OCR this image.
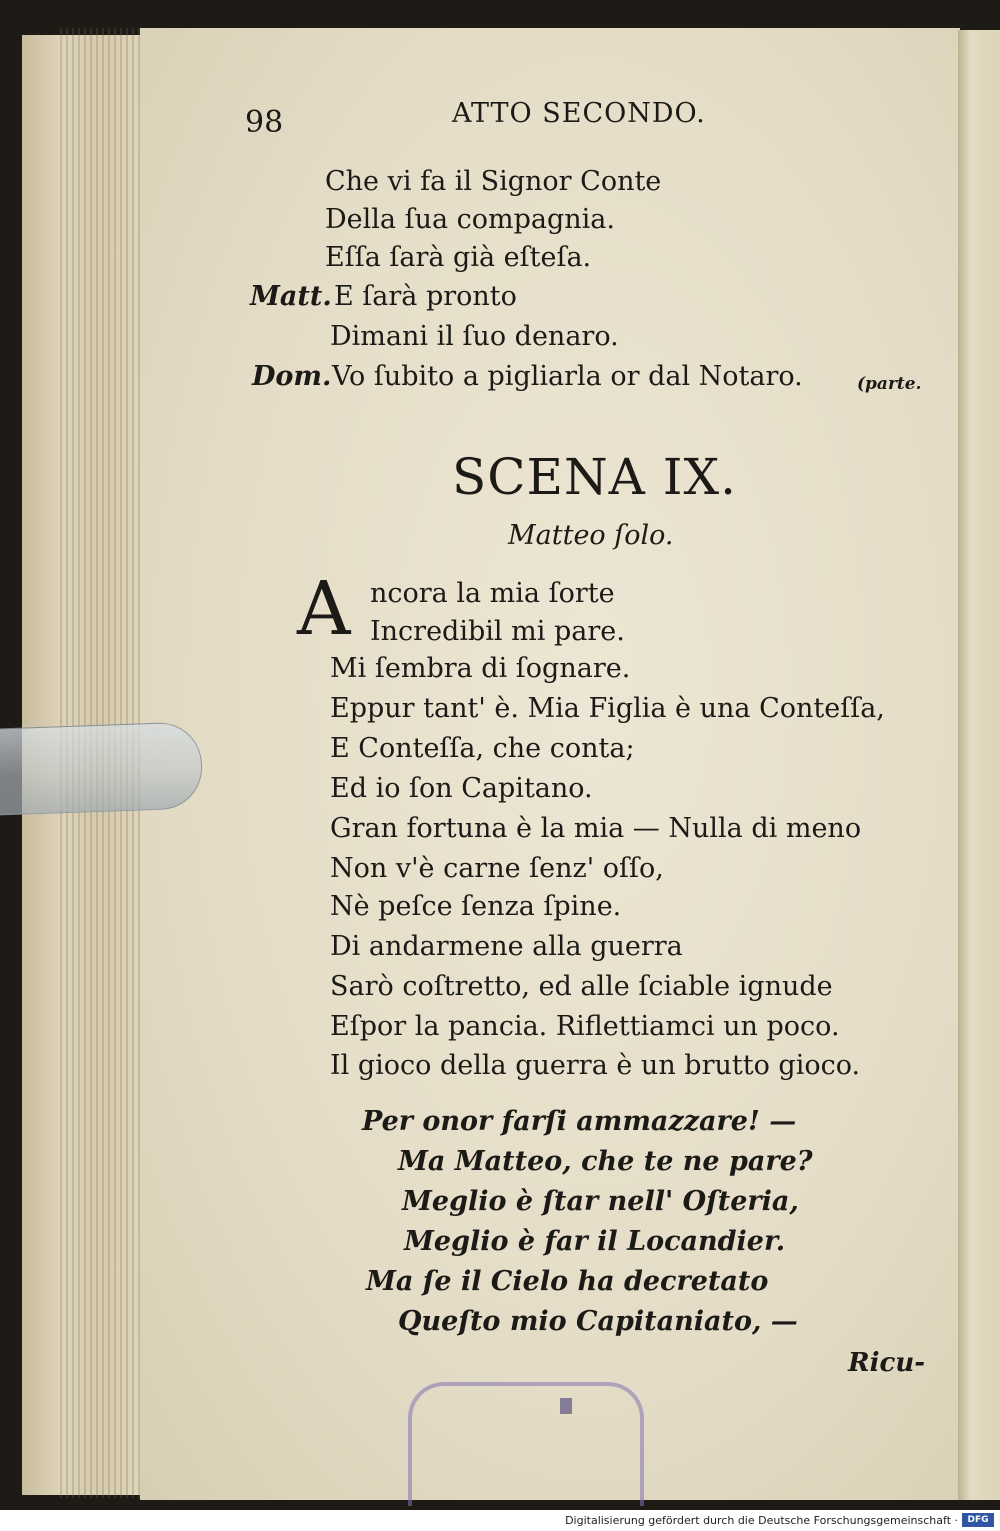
98	ATTO SECONDO.
Che vi fa il Signor Conte
Della ſua compagnia.
Eſſa ſarà già eſteſa.
Matt. E ſarà pronto
Dimani il ſuo denaro.
Dom. Vo ſubito a pigliarla or dal Notaro.	(parte.
SCENA IX.
Matteo ſolo.
A ncora la mia ſorte
Incredibil mi pare.
Mi ſembra di ſognare.
Eppur tant' è. Mia Figlia è una Conteſſa,
E Conteſſa, che conta;
Ed io ſon Capitano.
Gran fortuna è la mia — Nulla di meno
Non v'è carne ſenz' oſſo,
Nè peſce ſenza ſpine.
Di andarmene alla guerra
Sarò coſtretto, ed alle ſciable ignude
Eſpor la pancia. Riflettiamci un poco.
Il gioco della guerra è un brutto gioco.
Per onor farſi ammazzare! —
Ma Matteo, che te ne pare?
Meglio è ſtar nell' Oſteria,
Meglio è far il Locandier.
Ma ſe il Cielo ha decretato
Queſto mio Capitaniato, —
Ricu-
Digitalisierung gefördert durch die Deutsche Forschungsgemeinschaft ·	DFG
